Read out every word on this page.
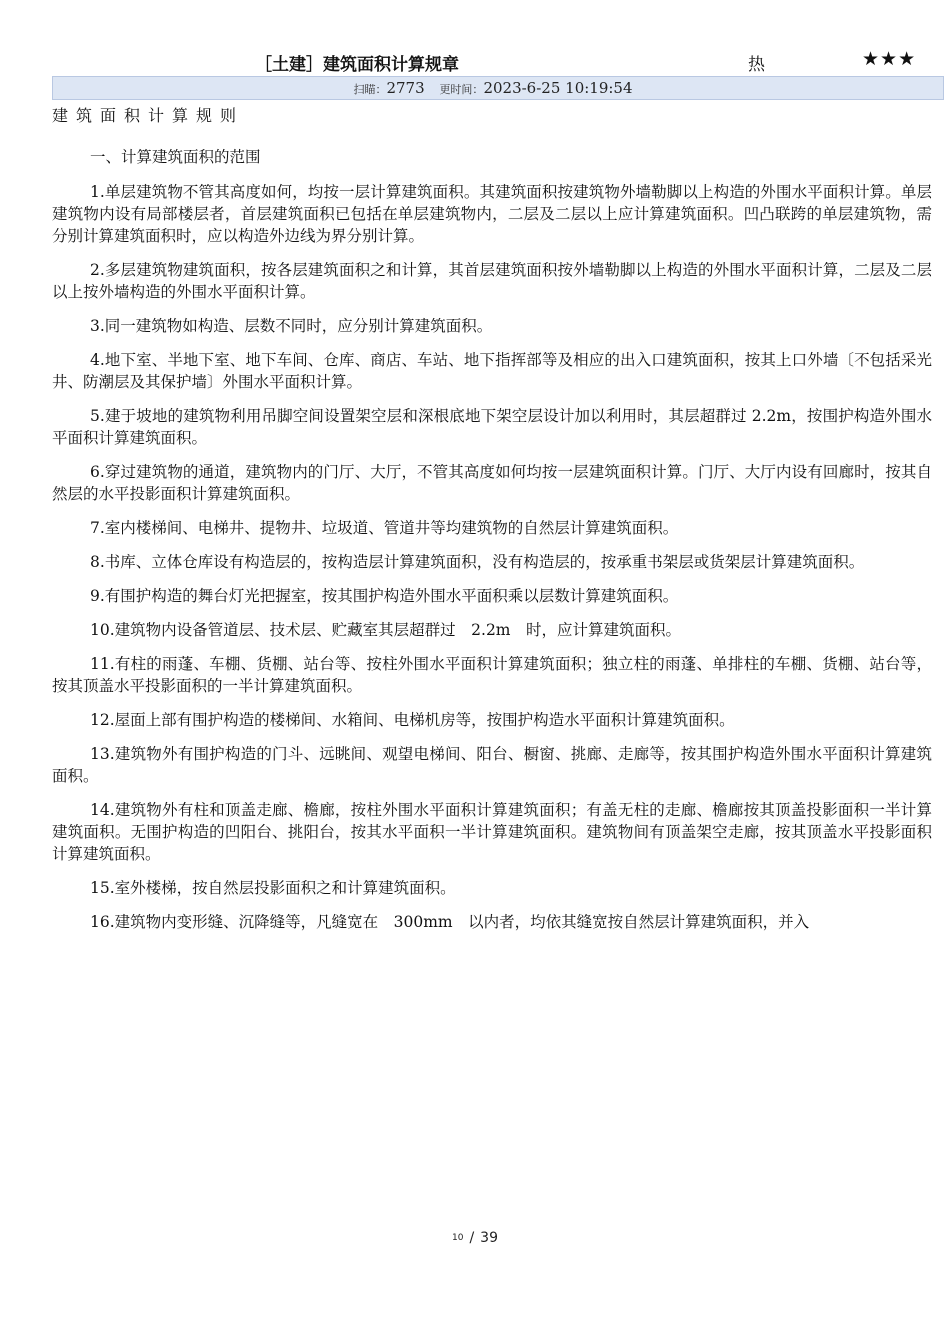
［土建］建筑面积计算规章	热	★★★
扫瞄：2773 更时间：2023-6-25 10:19:54
建筑面积计算规则

一、计算建筑面积的范围

1.单层建筑物不管其高度如何，均按一层计算建筑面积。其建筑面积按建筑物外墙勒脚以上构造的外围水平面积计算。单层建筑物内设有局部楼层者，首层建筑面积已包括在单层建筑物内，二层及二层以上应计算建筑面积。凹凸联跨的单层建筑物，需分别计算建筑面积时，应以构造外边线为界分别计算。

2.多层建筑物建筑面积，按各层建筑面积之和计算，其首层建筑面积按外墙勒脚以上构造的外围水平面积计算，二层及二层以上按外墙构造的外围水平面积计算。

3.同一建筑物如构造、层数不同时，应分别计算建筑面积。

4.地下室、半地下室、地下车间、仓库、商店、车站、地下指挥部等及相应的出入口建筑面积，按其上口外墙〔不包括采光井、防潮层及其保护墙〕外围水平面积计算。

5.建于坡地的建筑物利用吊脚空间设置架空层和深根底地下架空层设计加以利用时，其层超群过 2.2m，按围护构造外围水平面积计算建筑面积。

6.穿过建筑物的通道，建筑物内的门厅、大厅，不管其高度如何均按一层建筑面积计算。门厅、大厅内设有回廊时，按其自然层的水平投影面积计算建筑面积。

7.室内楼梯间、电梯井、提物井、垃圾道、管道井等均建筑物的自然层计算建筑面积。

8.书库、立体仓库设有构造层的，按构造层计算建筑面积，没有构造层的，按承重书架层或货架层计算建筑面积。

9.有围护构造的舞台灯光把握室，按其围护构造外围水平面积乘以层数计算建筑面积。

10.建筑物内设备管道层、技术层、贮藏室其层超群过　2.2m　时，应计算建筑面积。

11.有柱的雨蓬、车棚、货棚、站台等、按柱外围水平面积计算建筑面积；独立柱的雨蓬、单排柱的车棚、货棚、站台等，按其顶盖水平投影面积的一半计算建筑面积。

12.屋面上部有围护构造的楼梯间、水箱间、电梯机房等，按围护构造水平面积计算建筑面积。

13.建筑物外有围护构造的门斗、远眺间、观望电梯间、阳台、橱窗、挑廊、走廊等，按其围护构造外围水平面积计算建筑面积。

14.建筑物外有柱和顶盖走廊、檐廊，按柱外围水平面积计算建筑面积；有盖无柱的走廊、檐廊按其顶盖投影面积一半计算建筑面积。无围护构造的凹阳台、挑阳台，按其水平面积一半计算建筑面积。建筑物间有顶盖架空走廊，按其顶盖水平投影面积计算建筑面积。

15.室外楼梯，按自然层投影面积之和计算建筑面积。

16.建筑物内变形缝、沉降缝等，凡缝宽在　300mm　以内者，均依其缝宽按自然层计算建筑面积，并入

10 / 39
